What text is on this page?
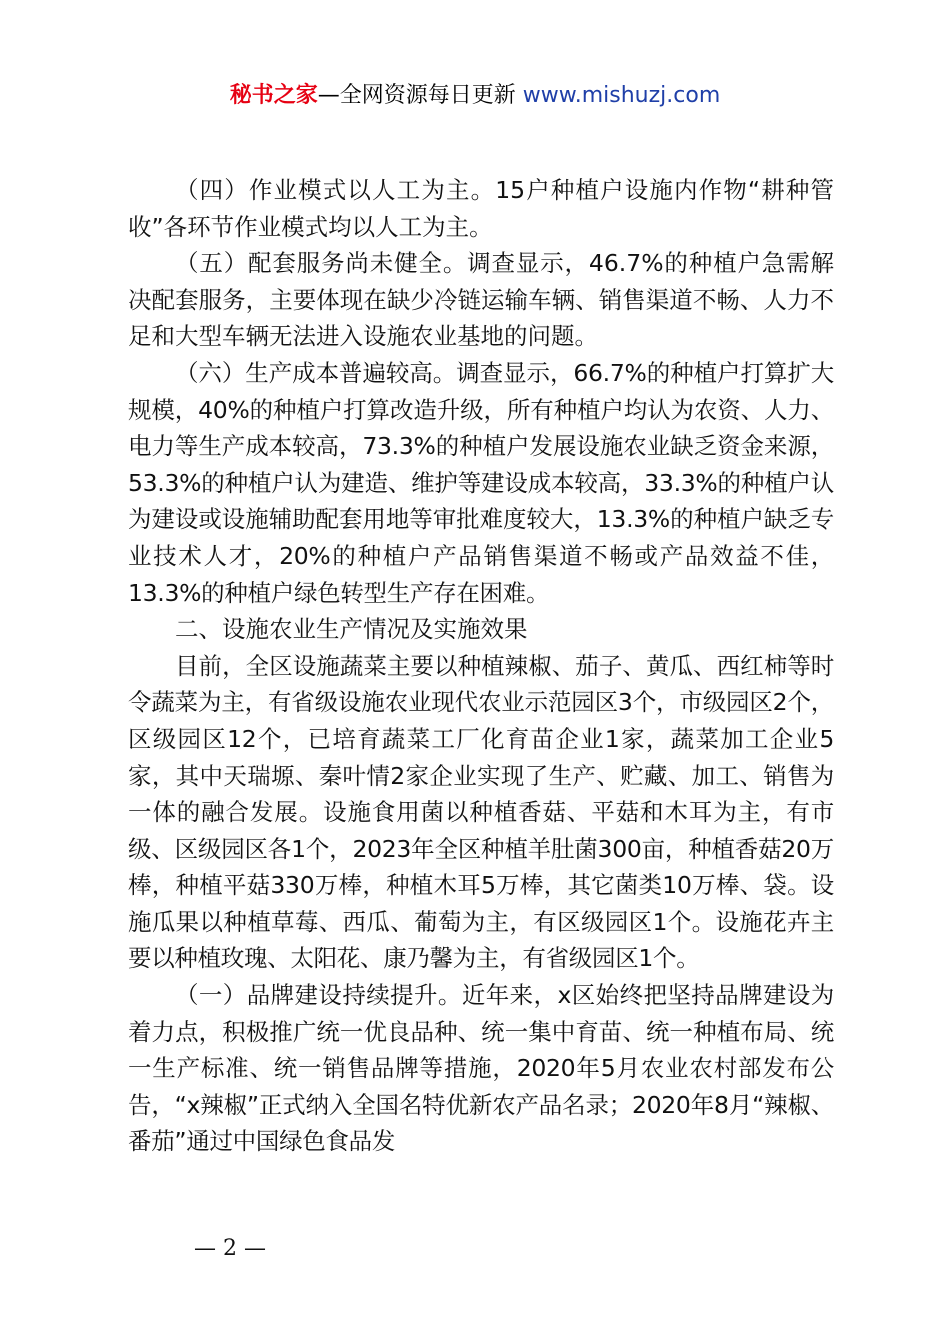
秘书之家—全网资源每日更新 www.mishuzj.com

（四）作业模式以人工为主。15户种植户设施内作物“耕种管收”各环节作业模式均以人工为主。

（五）配套服务尚未健全。调查显示，46.7%的种植户急需解决配套服务，主要体现在缺少冷链运输车辆、销售渠道不畅、人力不足和大型车辆无法进入设施农业基地的问题。

（六）生产成本普遍较高。调查显示，66.7%的种植户打算扩大规模，40%的种植户打算改造升级，所有种植户均认为农资、人力、电力等生产成本较高，73.3%的种植户发展设施农业缺乏资金来源，53.3%的种植户认为建造、维护等建设成本较高，33.3%的种植户认为建设或设施辅助配套用地等审批难度较大，13.3%的种植户缺乏专业技术人才，20%的种植户产品销售渠道不畅或产品效益不佳，13.3%的种植户绿色转型生产存在困难。

二、设施农业生产情况及实施效果

目前，全区设施蔬菜主要以种植辣椒、茄子、黄瓜、西红柿等时令蔬菜为主，有省级设施农业现代农业示范园区3个，市级园区2个，区级园区12个，已培育蔬菜工厂化育苗企业1家，蔬菜加工企业5家，其中天瑞塬、秦叶情2家企业实现了生产、贮藏、加工、销售为一体的融合发展。设施食用菌以种植香菇、平菇和木耳为主，有市级、区级园区各1个，2023年全区种植羊肚菌300亩，种植香菇20万棒，种植平菇330万棒，种植木耳5万棒，其它菌类10万棒、袋。设施瓜果以种植草莓、西瓜、葡萄为主，有区级园区1个。设施花卉主要以种植玫瑰、太阳花、康乃馨为主，有省级园区1个。

（一）品牌建设持续提升。近年来，x区始终把坚持品牌建设为着力点，积极推广统一优良品种、统一集中育苗、统一种植布局、统一生产标准、统一销售品牌等措施，2020年5月农业农村部发布公告，“x辣椒”正式纳入全国名特优新农产品名录；2020年8月“辣椒、番茄”通过中国绿色食品发

— 2 —
